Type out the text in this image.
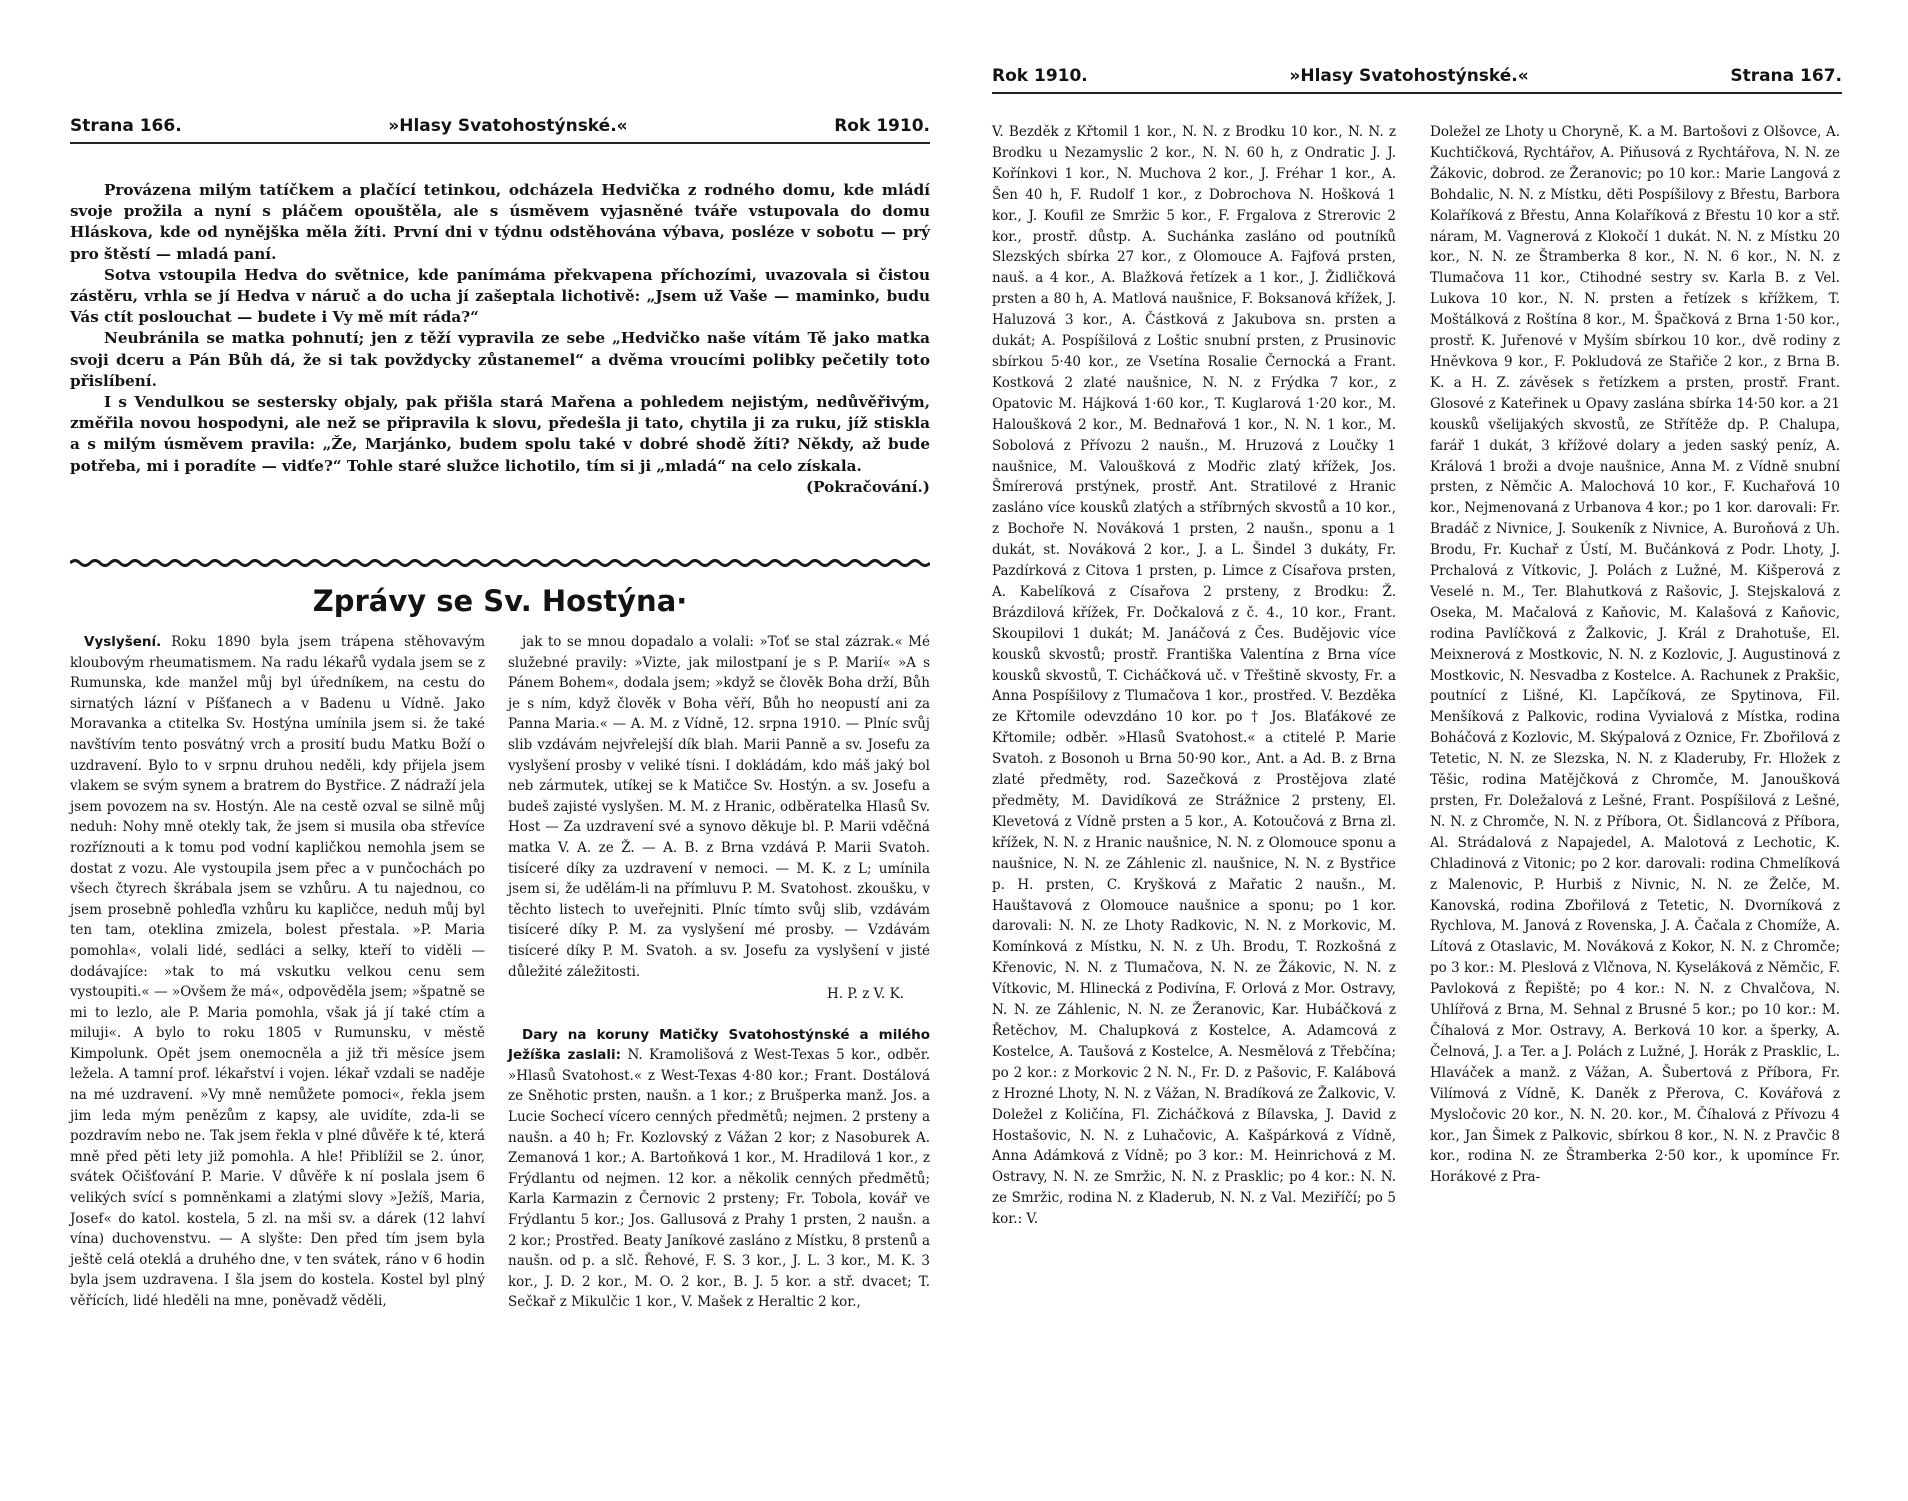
Strana 166.	»Hlasy Svatohostýnské.«	Rok 1910.

Provázena milým tatíčkem a plačící tetinkou, odcházela Hedvička z rodného domu, kde mládí svoje prožila a nyní s pláčem opouštěla, ale s úsměvem vyjasněné tváře vstupovala do domu Hláskova, kde od nynějška měla žíti. První dni v týdnu odstěhována výbava, posléze v sobotu — prý pro štěstí — mladá paní.

Sotva vstoupila Hedva do světnice, kde panímáma překvapena příchozími, uvazovala si čistou zástěru, vrhla se jí Hedva v náruč a do ucha jí zašeptala lichotivě: „Jsem už Vaše — maminko, budu Vás ctít poslouchat — budete i Vy mě mít ráda?“

Neubránila se matka pohnutí; jen z těží vypravila ze sebe „Hedvičko naše vítám Tě jako matka svoji dceru a Pán Bůh dá, že si tak povždycky zůstanemel“ a dvěma vroucími polibky pečetily toto přislíbení.

I s Vendulkou se sestersky objaly, pak přišla stará Mařena a pohledem nejistým, nedůvěřivým, změřila novou hospodyni, ale než se připravila k slovu, předešla ji tato, chytila ji za ruku, jíž stiskla a s milým úsměvem pravila: „Že, Marjánko, budem spolu také v dobré shodě žíti? Někdy, až bude potřeba, mi i poradíte — vidťe?“ Tohle staré služce lichotilo, tím si ji „mladá“ na celo získala.

(Pokračování.)
Zprávy se Sv. Hostýna·

Vyslyšení. Roku 1890 byla jsem trápena stěhovavým kloubovým rheumatismem. Na radu lékařů vydala jsem se z Rumunska, kde manžel můj byl úředníkem, na cestu do sirnatých lázní v Píšťanech a v Badenu u Vídně. Jako Moravanka a ctitelka Sv. Hostýna umínila jsem si. že také navštívím tento posvátný vrch a prosití budu Matku Boží o uzdravení. Bylo to v srpnu druhou neděli, kdy přijela jsem vlakem se svým synem a bratrem do Bystřice. Z nádraží jela jsem povozem na sv. Hostýn. Ale na cestě ozval se silně můj neduh: Nohy mně otekly tak, že jsem si musila oba střevíce rozříznouti a k tomu pod vodní kapličkou nemohla jsem se dostat z vozu. Ale vystoupila jsem přec a v punčochách po všech čtyrech škrábala jsem se vzhůru. A tu najednou, co jsem prosebně pohleďla vzhůru ku kapličce, neduh můj byl ten tam, oteklina zmizela, bolest přestala. »P. Maria pomohla«, volali lidé, sedláci a selky, kteří to viděli — dodávajíce: »tak to má vskutku velkou cenu sem vystoupiti.« — »Ovšem že má«, odpověděla jsem; »špatně se mi to lezlo, ale P. Maria pomohla, však já jí také ctím a miluji«. A bylo to roku 1805 v Rumunsku, v městě Kimpolunk. Opět jsem onemocněla a již tři měsíce jsem ležela. A tamní prof. lékařství i vojen. lékař vzdali se naděje na mé uzdravení. »Vy mně nemůžete pomoci«, řekla jsem jim leda mým penězům z kapsy, ale uvidíte, zda-li se pozdravím nebo ne. Tak jsem řekla v plné důvěře k té, která mně před pěti lety již pomohla. A hle! Přiblížil se 2. únor, svátek Očišťování P. Marie. V důvěře k ní poslala jsem 6 velikých svící s pomněnkami a zlatými slovy »Ježíš, Maria, Josef« do katol. kostela, 5 zl. na mši sv. a dárek (12 lahví vína) duchovenstvu. — A slyšte: Den před tím jsem byla ještě celá oteklá a druhého dne, v ten svátek, ráno v 6 hodin byla jsem uzdravena. I šla jsem do kostela. Kostel byl plný věřících, lidé hleděli na mne, poněvadž věděli,

jak to se mnou dopadalo a volali: »Toť se stal zázrak.« Mé služebné pravily: »Vizte, jak milostpaní je s P. Marií« »A s Pánem Bohem«, dodala jsem; »když se člověk Boha drží, Bůh je s ním, když člověk v Boha věří, Bůh ho neopustí ani za Panna Maria.« — A. M. z Vídně, 12. srpna 1910. — Plníc svůj slib vzdávám nejvřelejší dík blah. Marii Panně a sv. Josefu za vyslyšení prosby v veliké tísni. I dokládám, kdo máš jaký bol neb zármutek, utíkej se k Matičce Sv. Hostýn. a sv. Josefu a budeš zajisté vyslyšen. M. M. z Hranic, odběratelka Hlasů Sv. Host — Za uzdravení své a synovo děkuje bl. P. Marii vděčná matka V. A. ze Ž. — A. B. z Brna vzdává P. Marii Svatoh. tisíceré díky za uzdravení v nemoci. — M. K. z L; umínila jsem si, že udělám-li na přímluvu P. M. Svatohost. zkoušku, v těchto listech to uveřejniti. Plníc tímto svůj slib, vzdávám tisíceré díky P. M. za vyslyšení mé prosby. — Vzdávám tisíceré díky P. M. Svatoh. a sv. Josefu za vyslyšení v jisté důležité záležitosti.

H. P. z V. K.

Dary na koruny Matičky Svatohostýnské a milého Ježíška zaslali: N. Kramolišová z West-Texas 5 kor., odběr. »Hlasů Svatohost.« z West-Texas 4·80 kor.; Frant. Dostálová ze Sněhotic prsten, naušn. a 1 kor.; z Brušperka manž. Jos. a Lucie Sochecí vícero cenných předmětů; nejmen. 2 prsteny a naušn. a 40 h; Fr. Kozlovský z Vážan 2 kor; z Nasoburek A. Zemanová 1 kor.; A. Bartoňková 1 kor., M. Hradilová 1 kor., z Frýdlantu od nejmen. 12 kor. a několik cenných předmětů; Karla Karmazin z Černovic 2 prsteny; Fr. Tobola, kovář ve Frýdlantu 5 kor.; Jos. Gallusová z Prahy 1 prsten, 2 naušn. a 2 kor.; Prostřed. Beaty Janíkové zasláno z Místku, 8 prstenů a naušn. od p. a slč. Řehové, F. S. 3 kor., J. L. 3 kor., M. K. 3 kor., J. D. 2 kor., M. O. 2 kor., B. J. 5 kor. a stř. dvacet; T. Sečkař z Mikulčic 1 kor., V. Mašek z Heraltic 2 kor.,

Rok 1910.	»Hlasy Svatohostýnské.«	Strana 167.

V. Bezděk z Křtomil 1 kor., N. N. z Brodku 10 kor., N. N. z Brodku u Nezamyslic 2 kor., N. N. 60 h, z Ondratic J. J. Kořínkovi 1 kor., N. Muchova 2 kor., J. Fréhar 1 kor., A. Šen 40 h, F. Rudolf 1 kor., z Dobrochova N. Hošková 1 kor., J. Koufil ze Smržic 5 kor., F. Frgalova z Strerovic 2 kor., prostř. důstp. A. Suchánka zasláno od poutníků Slezských sbírka 27 kor., z Olomouce A. Fajfová prsten, nauš. a 4 kor., A. Blažková řetízek a 1 kor., J. Židličková prsten a 80 h, A. Matlová naušnice, F. Boksanová křížek, J. Haluzová 3 kor., A. Částková z Jakubova sn. prsten a dukát; A. Pospíšilová z Loštic snubní prsten, z Prusinovic sbírkou 5·40 kor., ze Vsetína Rosalie Černocká a Frant. Kostková 2 zlaté naušnice, N. N. z Frýdka 7 kor., z Opatovic M. Hájková 1·60 kor., T. Kuglarová 1·20 kor., M. Haloušková 2 kor., M. Bednařová 1 kor., N. N. 1 kor., M. Sobolová z Přívozu 2 naušn., M. Hruzová z Loučky 1 naušnice, M. Valoušková z Modřic zlatý křížek, Jos. Šmírerová prstýnek, prostř. Ant. Stratilové z Hranic zasláno více kousků zlatých a stříbrných skvostů a 10 kor., z Bochoře N. Nováková 1 prsten, 2 naušn., sponu a 1 dukát, st. Nováková 2 kor., J. a L. Šindel 3 dukáty, Fr. Pazdírková z Citova 1 prsten, p. Limce z Císařova prsten, A. Kabelíková z Císařova 2 prsteny, z Brodku: Ž. Brázdilová křížek, Fr. Dočkalová z č. 4., 10 kor., Frant. Skoupilovi 1 dukát; M. Janáčová z Čes. Budějovic více kousků skvostů; prostř. Františka Valentína z Brna více kousků skvostů, T. Cicháčková uč. v Třeštině skvosty, Fr. a Anna Pospíšilovy z Tlumačova 1 kor., prostřed. V. Bezděka ze Křtomile odevzdáno 10 kor. po † Jos. Blaťákové ze Křtomile; odběr. »Hlasů Svatohost.« a ctitelé P. Marie Svatoh. z Bosonoh u Brna 50·90 kor., Ant. a Ad. B. z Brna zlaté předměty, rod. Sazečková z Prostějova zlaté předměty, M. Davidíková ze Strážnice 2 prsteny, El. Klevetová z Vídně prsten a 5 kor., A. Kotoučová z Brna zl. křížek, N. N. z Hranic naušnice, N. N. z Olomouce sponu a naušnice, N. N. ze Záhlenic zl. naušnice, N. N. z Bystřice p. H. prsten, C. Kryšková z Mařatic 2 naušn., M. Hauštavová z Olomouce naušnice a sponu; po 1 kor. darovali: N. N. ze Lhoty Radkovic, N. N. z Morkovic, M. Komínková z Místku, N. N. z Uh. Brodu, T. Rozkošná z Křenovic, N. N. z Tlumačova, N. N. ze Žákovic, N. N. z Vítkovic, M. Hlinecká z Podivína, F. Orlová z Mor. Ostravy, N. N. ze Záhlenic, N. N. ze Žeranovic, Kar. Hubáčková z Řetěchov, M. Chalupková z Kostelce, A. Adamcová z Kostelce, A. Taušová z Kostelce, A. Nesmělová z Třebčína; po 2 kor.: z Morkovic 2 N. N., Fr. D. z Pašovic, F. Kalábová z Hrozné Lhoty, N. N. z Vážan, N. Bradíková ze Žalkovic, V. Doležel z Količína, Fl. Zicháčková z Bílavska, J. David z Hostašovic, N. N. z Luhačovic, A. Kašpárková z Vídně, Anna Adámková z Vídně; po 3 kor.: M. Heinrichová z M. Ostravy, N. N. ze Smržic, N. N. z Prasklic; po 4 kor.: N. N. ze Smržic, rodina N. z Kladerub, N. N. z Val. Meziříčí; po 5 kor.: V.

Doležel ze Lhoty u Choryně, K. a M. Bartošovi z Olšovce, A. Kuchtičková, Rychtářov, A. Piňusová z Rychtářova, N. N. ze Žákovic, dobrod. ze Žeranovic; po 10 kor.: Marie Langová z Bohdalic, N. N. z Místku, děti Pospíšilovy z Břestu, Barbora Kolaříková z Břestu, Anna Kolaříková z Břestu 10 kor a stř. náram, M. Vagnerová z Klokočí 1 dukát. N. N. z Místku 20 kor., N. N. ze Štramberka 8 kor., N. N. 6 kor., N. N. z Tlumačova 11 kor., Ctihodné sestry sv. Karla B. z Vel. Lukova 10 kor., N. N. prsten a řetízek s křížkem, T. Moštálková z Roštína 8 kor., M. Špačková z Brna 1·50 kor., prostř. K. Juřenové v Myším sbírkou 10 kor., dvě rodiny z Hněvkova 9 kor., F. Pokludová ze Stařiče 2 kor., z Brna B. K. a H. Z. závěsek s řetízkem a prsten, prostř. Frant. Glosové z Kateřinek u Opavy zaslána sbírka 14·50 kor. a 21 kousků všelijakých skvostů, ze Střítěže dp. P. Chalupa, farář 1 dukát, 3 křížové dolary a jeden saský peníz, A. Králová 1 broži a dvoje naušnice, Anna M. z Vídně snubní prsten, z Němčic A. Malochová 10 kor., F. Kuchařová 10 kor., Nejmenovaná z Urbanova 4 kor.; po 1 kor. darovali: Fr. Bradáč z Nivnice, J. Soukeník z Nivnice, A. Buroňová z Uh. Brodu, Fr. Kuchař z Ústí, M. Bučánková z Podr. Lhoty, J. Prchalová z Vítkovic, J. Polách z Lužné, M. Kišperová z Veselé n. M., Ter. Blahutková z Rašovic, J. Stejskalová z Oseka, M. Mačalová z Kaňovic, M. Kalašová z Kaňovic, rodina Pavlíčková z Žalkovic, J. Král z Drahotuše, El. Meixnerová z Mostkovic, N. N. z Kozlovic, J. Augustinová z Mostkovic, N. Nesvadba z Kostelce. A. Rachunek z Prakšic, poutnící z Lišné, Kl. Lapčíková, ze Spytinova, Fil. Menšíková z Palkovic, rodina Vyvialová z Místka, rodina Boháčová z Kozlovic, M. Skýpalová z Oznice, Fr. Zbořilová z Tetetic, N. N. ze Slezska, N. N. z Kladeruby, Fr. Hložek z Těšic, rodina Matějčková z Chromče, M. Janoušková prsten, Fr. Doležalová z Lešné, Frant. Pospíšilová z Lešné, N. N. z Chromče, N. N. z Příbora, Ot. Šidlancová z Příbora, Al. Strádalová z Napajedel, A. Malotová z Lechotic, K. Chladinová z Vitonic; po 2 kor. darovali: rodina Chmelíková z Malenovic, P. Hurbiš z Nivnic, N. N. ze Želče, M. Kanovská, rodina Zbořilová z Tetetic, N. Dvorníková z Rychlova, M. Janová z Rovenska, J. A. Čačala z Chomíže, A. Lítová z Otaslavic, M. Nováková z Kokor, N. N. z Chromče; po 3 kor.: M. Pleslová z Vlčnova, N. Kyseláková z Němčic, F. Pavloková z Řepiště; po 4 kor.: N. N. z Chvalčova, N. Uhlířová z Brna, M. Sehnal z Brusné 5 kor.; po 10 kor.: M. Číhalová z Mor. Ostravy, A. Berková 10 kor. a šperky, A. Čelnová, J. a Ter. a J. Polách z Lužné, J. Horák z Prasklic, L. Hlaváček a manž. z Vážan, A. Šubertová z Příbora, Fr. Vilímová z Vídně, K. Daněk z Přerova, C. Kovářová z Mysločovic 20 kor., N. N. 20. kor., M. Číhalová z Přívozu 4 kor., Jan Šimek z Palkovic, sbírkou 8 kor., N. N. z Pravčic 8 kor., rodina N. ze Štramberka 2·50 kor., k upomínce Fr. Horákové z Pra-
